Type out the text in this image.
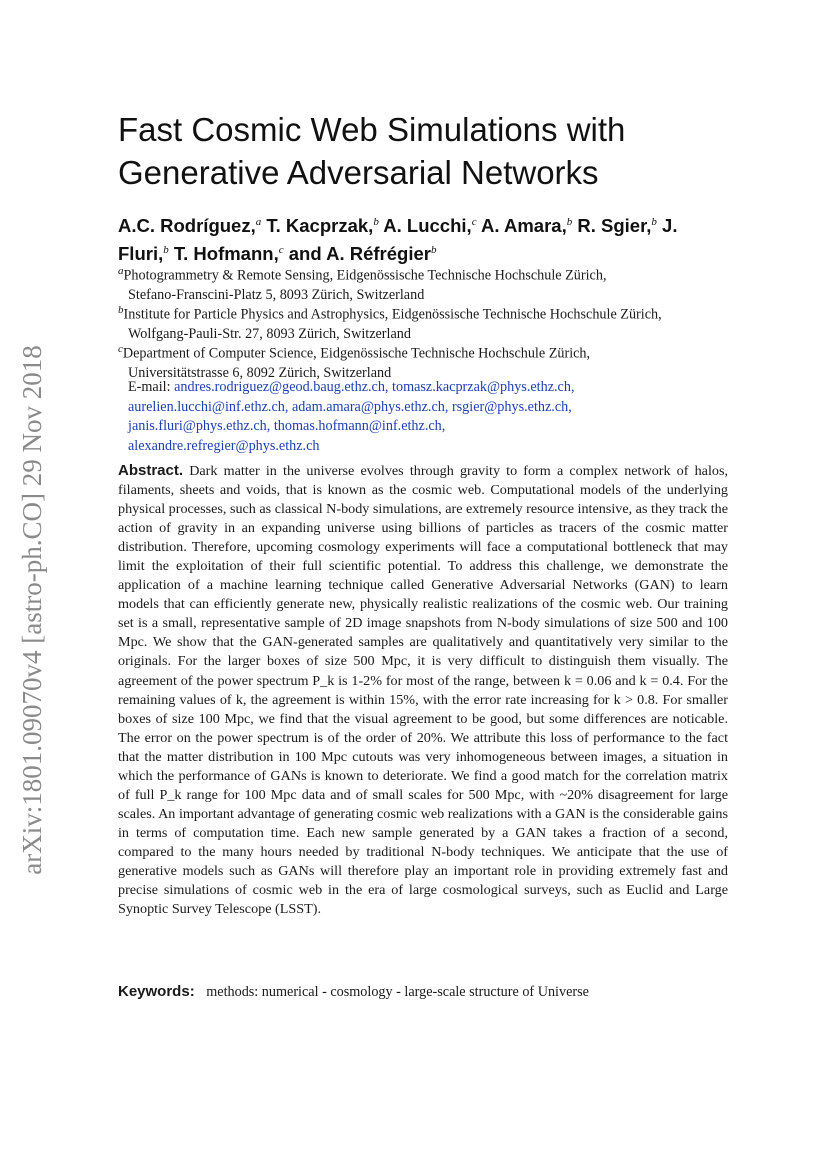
arXiv:1801.09070v4 [astro-ph.CO] 29 Nov 2018
Fast Cosmic Web Simulations with
Generative Adversarial Networks
A.C. Rodríguez,$^a$ T. Kacprzak,$^b$ A. Lucchi,$^c$ A. Amara,$^b$ R. Sgier,$^b$ J. Fluri,$^b$ T. Hofmann,$^c$ and A. Réfrégier$^b$
$^a$Photogrammetry & Remote Sensing, Eidgenössische Technische Hochschule Zürich,
Stefano-Franscini-Platz 5, 8093 Zürich, Switzerland
$^b$Institute for Particle Physics and Astrophysics, Eidgenössische Technische Hochschule Zürich,
Wolfgang-Pauli-Str. 27, 8093 Zürich, Switzerland
$^c$Department of Computer Science, Eidgenössische Technische Hochschule Zürich,
Universitätstrasse 6, 8092 Zürich, Switzerland
E-mail: andres.rodriguez@geod.baug.ethz.ch, tomasz.kacprzak@phys.ethz.ch,
aurelien.lucchi@inf.ethz.ch, adam.amara@phys.ethz.ch, rsgier@phys.ethz.ch,
janis.fluri@phys.ethz.ch, thomas.hofmann@inf.ethz.ch,
alexandre.refregier@phys.ethz.ch
Abstract. Dark matter in the universe evolves through gravity to form a complex network of halos, filaments, sheets and voids, that is known as the cosmic web. Computational models of the underlying physical processes, such as classical N-body simulations, are extremely resource intensive, as they track the action of gravity in an expanding universe using billions of particles as tracers of the cosmic matter distribution. Therefore, upcoming cosmology experiments will face a computational bottleneck that may limit the exploitation of their full scientific potential. To address this challenge, we demonstrate the application of a machine learning technique called Generative Adversarial Networks (GAN) to learn models that can efficiently generate new, physically realistic realizations of the cosmic web. Our training set is a small, representative sample of 2D image snapshots from N-body simulations of size 500 and 100 Mpc. We show that the GAN-generated samples are qualitatively and quantitatively very similar to the originals. For the larger boxes of size 500 Mpc, it is very difficult to distinguish them visually. The agreement of the power spectrum P_k is 1-2% for most of the range, between k = 0.06 and k = 0.4. For the remaining values of k, the agreement is within 15%, with the error rate increasing for k > 0.8. For smaller boxes of size 100 Mpc, we find that the visual agreement to be good, but some differences are noticable. The error on the power spectrum is of the order of 20%. We attribute this loss of performance to the fact that the matter distribution in 100 Mpc cutouts was very inhomogeneous between images, a situation in which the performance of GANs is known to deteriorate. We find a good match for the correlation matrix of full P_k range for 100 Mpc data and of small scales for 500 Mpc, with ~20% disagreement for large scales. An important advantage of generating cosmic web realizations with a GAN is the considerable gains in terms of computation time. Each new sample generated by a GAN takes a fraction of a second, compared to the many hours needed by traditional N-body techniques. We anticipate that the use of generative models such as GANs will therefore play an important role in providing extremely fast and precise simulations of cosmic web in the era of large cosmological surveys, such as Euclid and Large Synoptic Survey Telescope (LSST).
Keywords: methods: numerical - cosmology - large-scale structure of Universe
